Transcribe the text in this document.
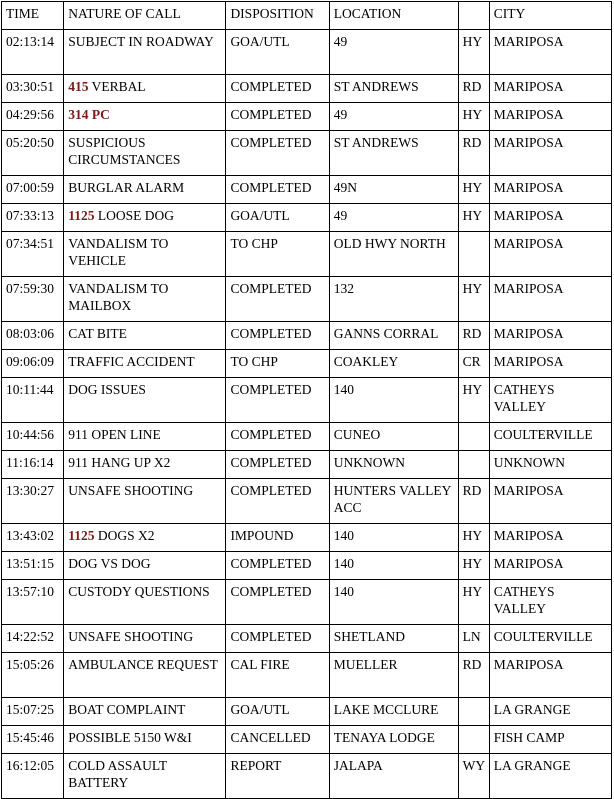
TIME	NATURE OF CALL	DISPOSITION	LOCATION		CITY
02:13:14	SUBJECT IN ROADWAY	GOA/UTL	49	HY	MARIPOSA
03:30:51	415 VERBAL	COMPLETED	ST ANDREWS	RD	MARIPOSA
04:29:56	314 PC	COMPLETED	49	HY	MARIPOSA
05:20:50	SUSPICIOUS CIRCUMSTANCES	COMPLETED	ST ANDREWS	RD	MARIPOSA
07:00:59	BURGLAR ALARM	COMPLETED	49N	HY	MARIPOSA
07:33:13	1125 LOOSE DOG	GOA/UTL	49	HY	MARIPOSA
07:34:51	VANDALISM TO VEHICLE	TO CHP	OLD HWY NORTH		MARIPOSA
07:59:30	VANDALISM TO MAILBOX	COMPLETED	132	HY	MARIPOSA
08:03:06	CAT BITE	COMPLETED	GANNS CORRAL	RD	MARIPOSA
09:06:09	TRAFFIC ACCIDENT	TO CHP	COAKLEY	CR	MARIPOSA
10:11:44	DOG ISSUES	COMPLETED	140	HY	CATHEYS VALLEY
10:44:56	911 OPEN LINE	COMPLETED	CUNEO		COULTERVILLE
11:16:14	911 HANG UP X2	COMPLETED	UNKNOWN		UNKNOWN
13:30:27	UNSAFE SHOOTING	COMPLETED	HUNTERS VALLEY ACC	RD	MARIPOSA
13:43:02	1125 DOGS X2	IMPOUND	140	HY	MARIPOSA
13:51:15	DOG VS DOG	COMPLETED	140	HY	MARIPOSA
13:57:10	CUSTODY QUESTIONS	COMPLETED	140	HY	CATHEYS VALLEY
14:22:52	UNSAFE SHOOTING	COMPLETED	SHETLAND	LN	COULTERVILLE
15:05:26	AMBULANCE REQUEST	CAL FIRE	MUELLER	RD	MARIPOSA
15:07:25	BOAT COMPLAINT	GOA/UTL	LAKE MCCLURE		LA GRANGE
15:45:46	POSSIBLE 5150 W&I	CANCELLED	TENAYA LODGE		FISH CAMP
16:12:05	COLD ASSAULT BATTERY	REPORT	JALAPA	WY	LA GRANGE
